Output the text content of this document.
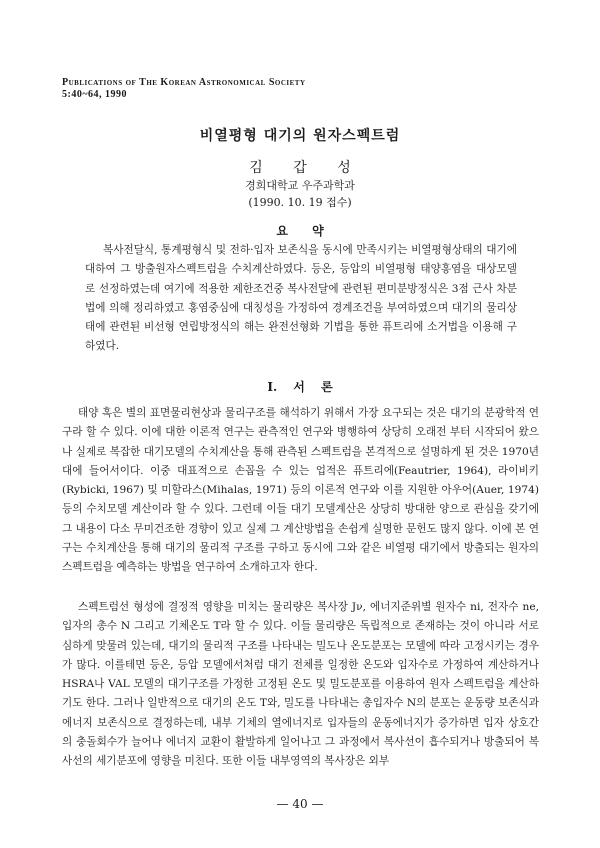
Publications of The Korean Astronomical Society
5:40~64, 1990
비열평형 대기의 원자스펙트럼
김 갑 성
경희대학교 우주과학과
(1990. 10. 19 접수)
요 약

복사전달식, 통계평형식 및 전하·입자 보존식을 동시에 만족시키는 비열평형상태의 대기에 대하여 그 방출원자스펙트럼을 수치계산하였다. 등온, 등압의 비열평형 태양홍염을 대상모델로 선정하였는데 여기에 적용한 제한조건중 복사전달에 관련된 편미분방정식은 3점 근사 차분법에 의해 정리하였고 홍염중심에 대칭성을 가정하여 경계조건을 부여하였으며 대기의 물리상태에 관련된 비선형 연립방정식의 해는 완전선형화 기법을 통한 퓨트리에 소거법을 이용해 구하였다.

I. 서 론

태양 혹은 별의 표면물리현상과 물리구조를 해석하기 위해서 가장 요구되는 것은 대기의 분광학적 연구라 할 수 있다. 이에 대한 이론적 연구는 관측적인 연구와 병행하여 상당히 오래전 부터 시작되어 왔으나 실제로 복잡한 대기모델의 수치계산을 통해 관측된 스펙트럼을 본격적으로 설명하게 된 것은 1970년대에 들어서이다. 이중 대표적으로 손꼽을 수 있는 업적은 퓨트리에(Feautrier, 1964), 라이비키(Rybicki, 1967) 및 미할라스(Mihalas, 1971) 등의 이론적 연구와 이를 지원한 아우어(Auer, 1974) 등의 수치모델 계산이라 할 수 있다. 그런데 이들 대기 모델계산은 상당히 방대한 양으로 관심을 갖기에 그 내용이 다소 무미건조한 경향이 있고 실제 그 계산방법을 손쉽게 실명한 문헌도 많지 않다. 이에 본 연구는 수치계산을 통해 대기의 물리적 구조를 구하고 동시에 그와 같은 비열평 대기에서 방출되는 원자의 스펙트럼을 예측하는 방법을 연구하여 소개하고자 한다.

스펙트럼선 형성에 결정적 영향을 미치는 물리량은 복사장 Jν, 에너지준위별 원자수 ni, 전자수 ne, 입자의 총수 N 그리고 기체온도 T라 할 수 있다. 이들 물리량은 독립적으로 존재하는 것이 아니라 서로 심하게 맞물려 있는데, 대기의 물리적 구조를 나타내는 밀도나 온도분포는 모델에 따라 고정시키는 경우가 많다. 이를테면 등온, 등압 모델에서처럼 대기 전체를 일정한 온도와 입자수로 가정하여 계산하거나 HSRA나 VAL 모델의 대기구조를 가정한 고정된 온도 및 밀도분포를 이용하여 원자 스펙트럼을 계산하기도 한다. 그러나 일반적으로 대기의 온도 T와, 밀도를 나타내는 총입자수 N의 분포는 운동량 보존식과 에너지 보존식으로 결정하는데, 내부 기체의 열에너지로 입자들의 운동에너지가 증가하면 입자 상호간의 충돌회수가 늘어나 에너지 교환이 활발하게 일어나고 그 과정에서 복사선이 흡수되거나 방출되어 복사선의 세기분포에 영향을 미친다. 또한 이들 내부영역의 복사장은 외부

— 40 —
